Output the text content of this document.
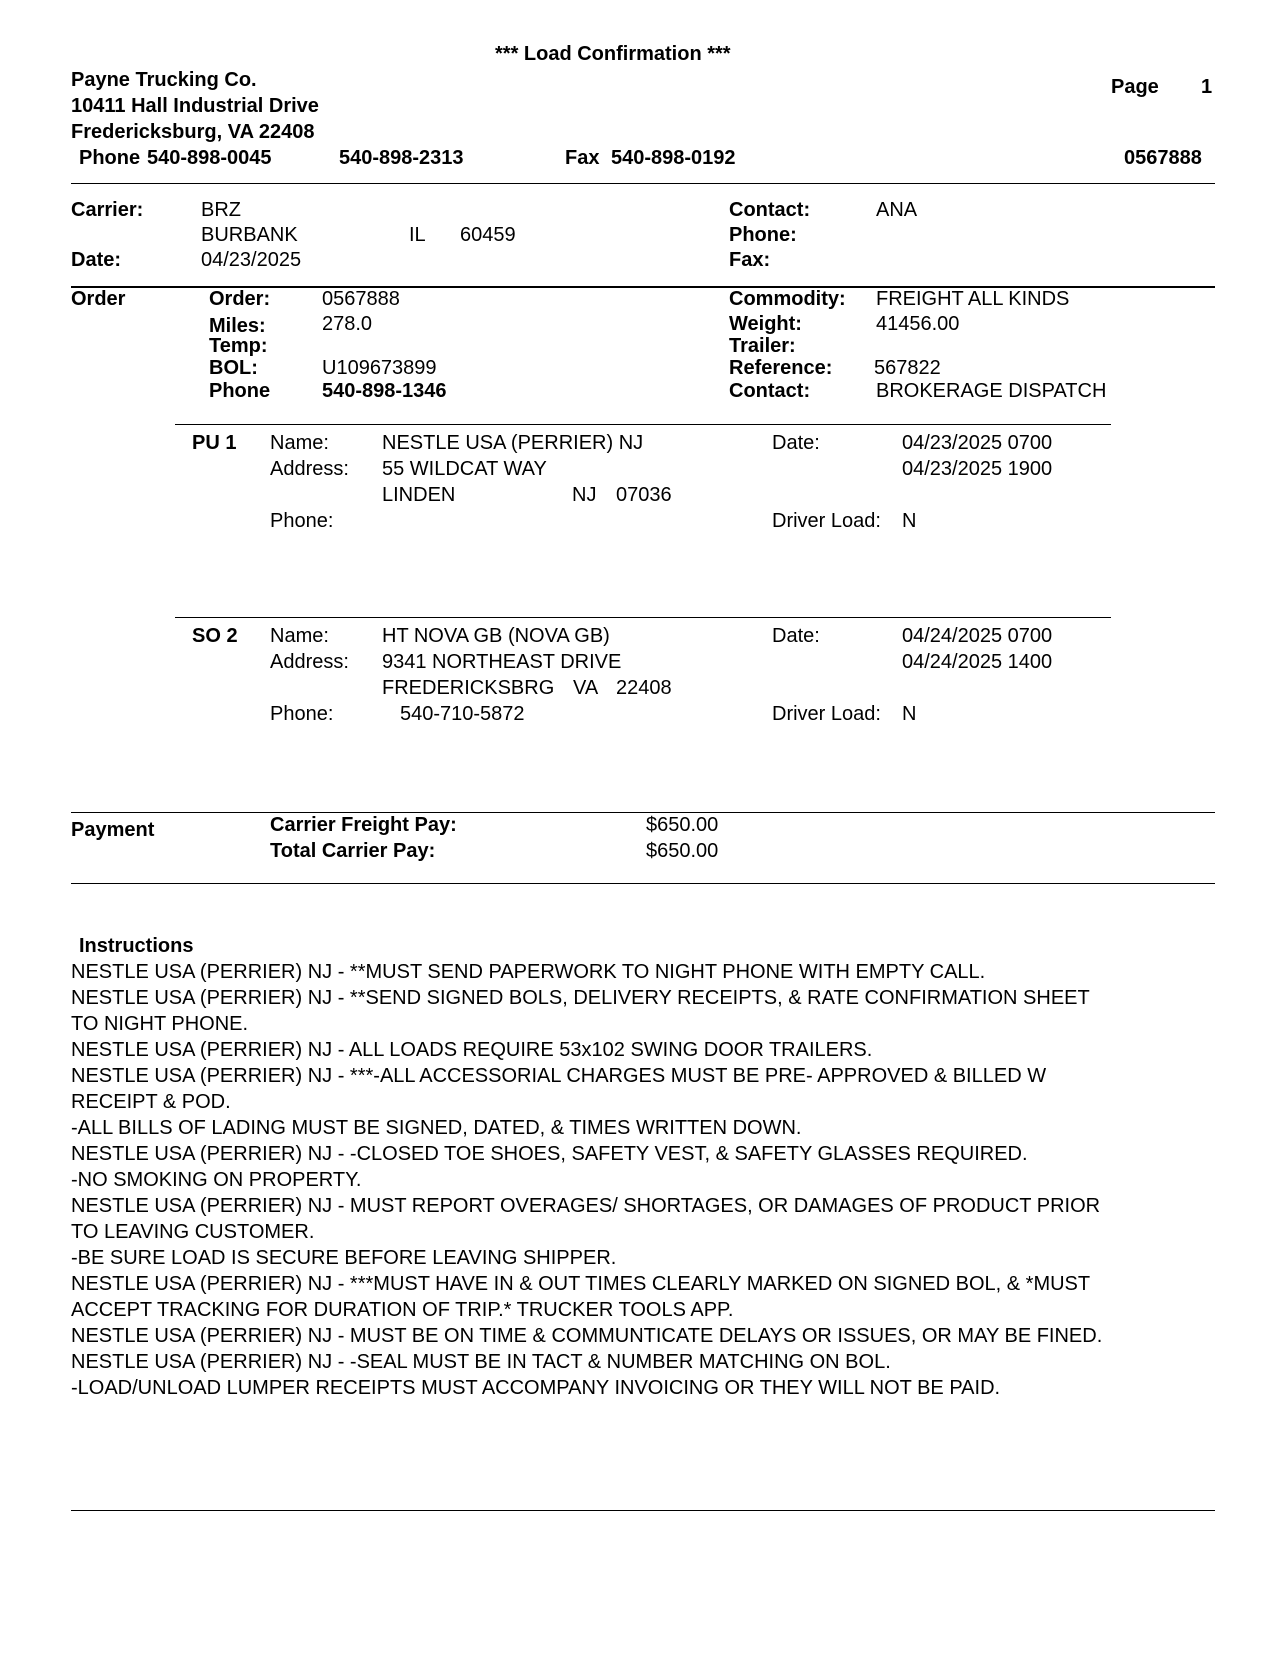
*** Load Confirmation ***
Payne Trucking Co.
10411 Hall Industrial Drive
Fredericksburg, VA 22408
Phone 540-898-0045	540-898-2313	Fax 540-898-0192
Page 1
0567888
Carrier:	BRZ
BURBANK	IL 60459
Date:	04/23/2025
Contact:	ANA
Phone:
Fax:
Order	Order:	0567888
Miles:	278.0
Temp:
BOL:	U109673899
Phone	540-898-1346
Commodity: FREIGHT ALL KINDS
Weight:	41456.00
Trailer:
Reference: 567822
Contact:	BROKERAGE DISPATCH
PU 1 Name:	NESTLE USA (PERRIER) NJ
Address: 55 WILDCAT WAY
LINDEN	NJ 07036
Phone:
Date:	04/23/2025 0700
04/23/2025 1900
Driver Load: N
SO 2 Name:	HT NOVA GB (NOVA GB)
Address: 9341 NORTHEAST DRIVE
FREDERICKSBRG VA 22408
Phone:	540-710-5872
Date:	04/24/2025 0700
04/24/2025 1400
Driver Load: N
Payment	Carrier Freight Pay:	$650.00
Total Carrier Pay:	$650.00
Instructions
NESTLE USA (PERRIER) NJ - **MUST SEND PAPERWORK TO NIGHT PHONE WITH EMPTY CALL.
NESTLE USA (PERRIER) NJ - **SEND SIGNED BOLS, DELIVERY RECEIPTS, & RATE CONFIRMATION SHEET
TO NIGHT PHONE.
NESTLE USA (PERRIER) NJ - ALL LOADS REQUIRE 53x102 SWING DOOR TRAILERS.
NESTLE USA (PERRIER) NJ - ***-ALL ACCESSORIAL CHARGES MUST BE PRE- APPROVED & BILLED W
RECEIPT & POD.
-ALL BILLS OF LADING MUST BE SIGNED, DATED, & TIMES WRITTEN DOWN.
NESTLE USA (PERRIER) NJ - -CLOSED TOE SHOES, SAFETY VEST, & SAFETY GLASSES REQUIRED.
-NO SMOKING ON PROPERTY.
NESTLE USA (PERRIER) NJ - MUST REPORT OVERAGES/ SHORTAGES, OR DAMAGES OF PRODUCT PRIOR
TO LEAVING CUSTOMER.
-BE SURE LOAD IS SECURE BEFORE LEAVING SHIPPER.
NESTLE USA (PERRIER) NJ - ***MUST HAVE IN & OUT TIMES CLEARLY MARKED ON SIGNED BOL, & *MUST
ACCEPT TRACKING FOR DURATION OF TRIP.* TRUCKER TOOLS APP.
NESTLE USA (PERRIER) NJ - MUST BE ON TIME & COMMUNTICATE DELAYS OR ISSUES, OR MAY BE FINED.
NESTLE USA (PERRIER) NJ - -SEAL MUST BE IN TACT & NUMBER MATCHING ON BOL.
-LOAD/UNLOAD LUMPER RECEIPTS MUST ACCOMPANY INVOICING OR THEY WILL NOT BE PAID.
